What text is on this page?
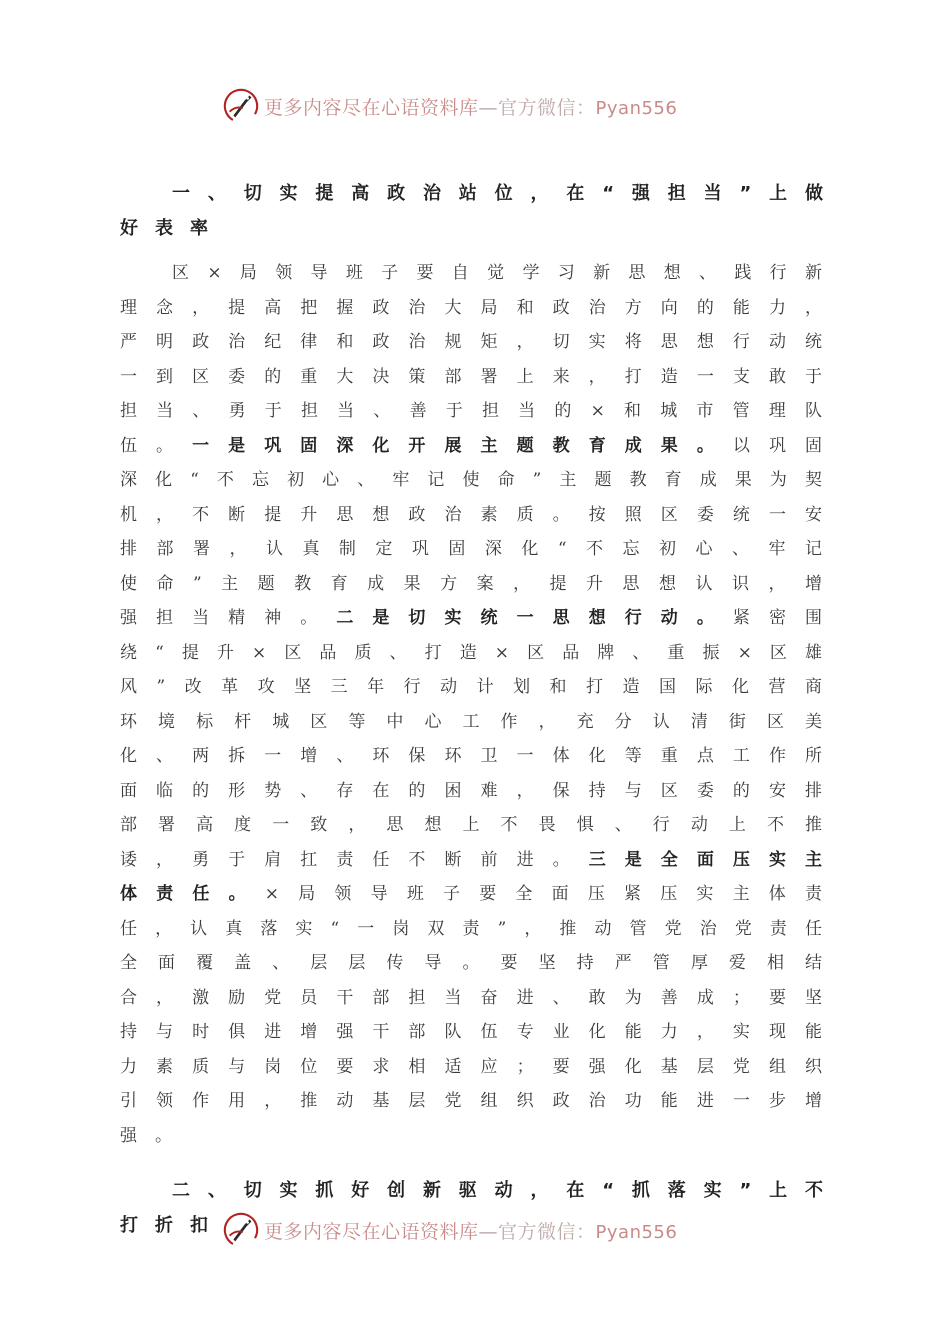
更多内容尽在心语资料库—官方微信：Pyan556
一、切实提高政治站位，在“强担当”上做好表率

区×局领导班子要自觉学习新思想、践行新理念，提高把握政治大局和政治方向的能力，严明政治纪律和政治规矩，切实将思想行动统一到区委的重大决策部署上来，打造一支敢于担当、勇于担当、善于担当的×和城市管理队伍。一是巩固深化开展主题教育成果。以巩固深化“不忘初心、牢记使命”主题教育成果为契机，不断提升思想政治素质。按照区委统一安排部署，认真制定巩固深化“不忘初心、牢记使命”主题教育成果方案，提升思想认识，增强担当精神。二是切实统一思想行动。紧密围绕“提升×区品质、打造×区品牌、重振×区雄风”改革攻坚三年行动计划和打造国际化营商环境标杆城区等中心工作，充分认清街区美化、两拆一增、环保环卫一体化等重点工作所面临的形势、存在的困难，保持与区委的安排部署高度一致，思想上不畏惧、行动上不推诿，勇于肩扛责任不断前进。三是全面压实主体责任。×局领导班子要全面压紧压实主体责任，认真落实“一岗双责”，推动管党治党责任全面覆盖、层层传导。要坚持严管厚爱相结合，激励党员干部担当奋进、敢为善成；要坚持与时俱进增强干部队伍专业化能力，实现能力素质与岗位要求相适应；要强化基层党组织引领作用，推动基层党组织政治功能进一步增强。

二、切实抓好创新驱动，在“抓落实”上不打折扣	更多内容尽在心语资料库—官方微信：Pyan556
